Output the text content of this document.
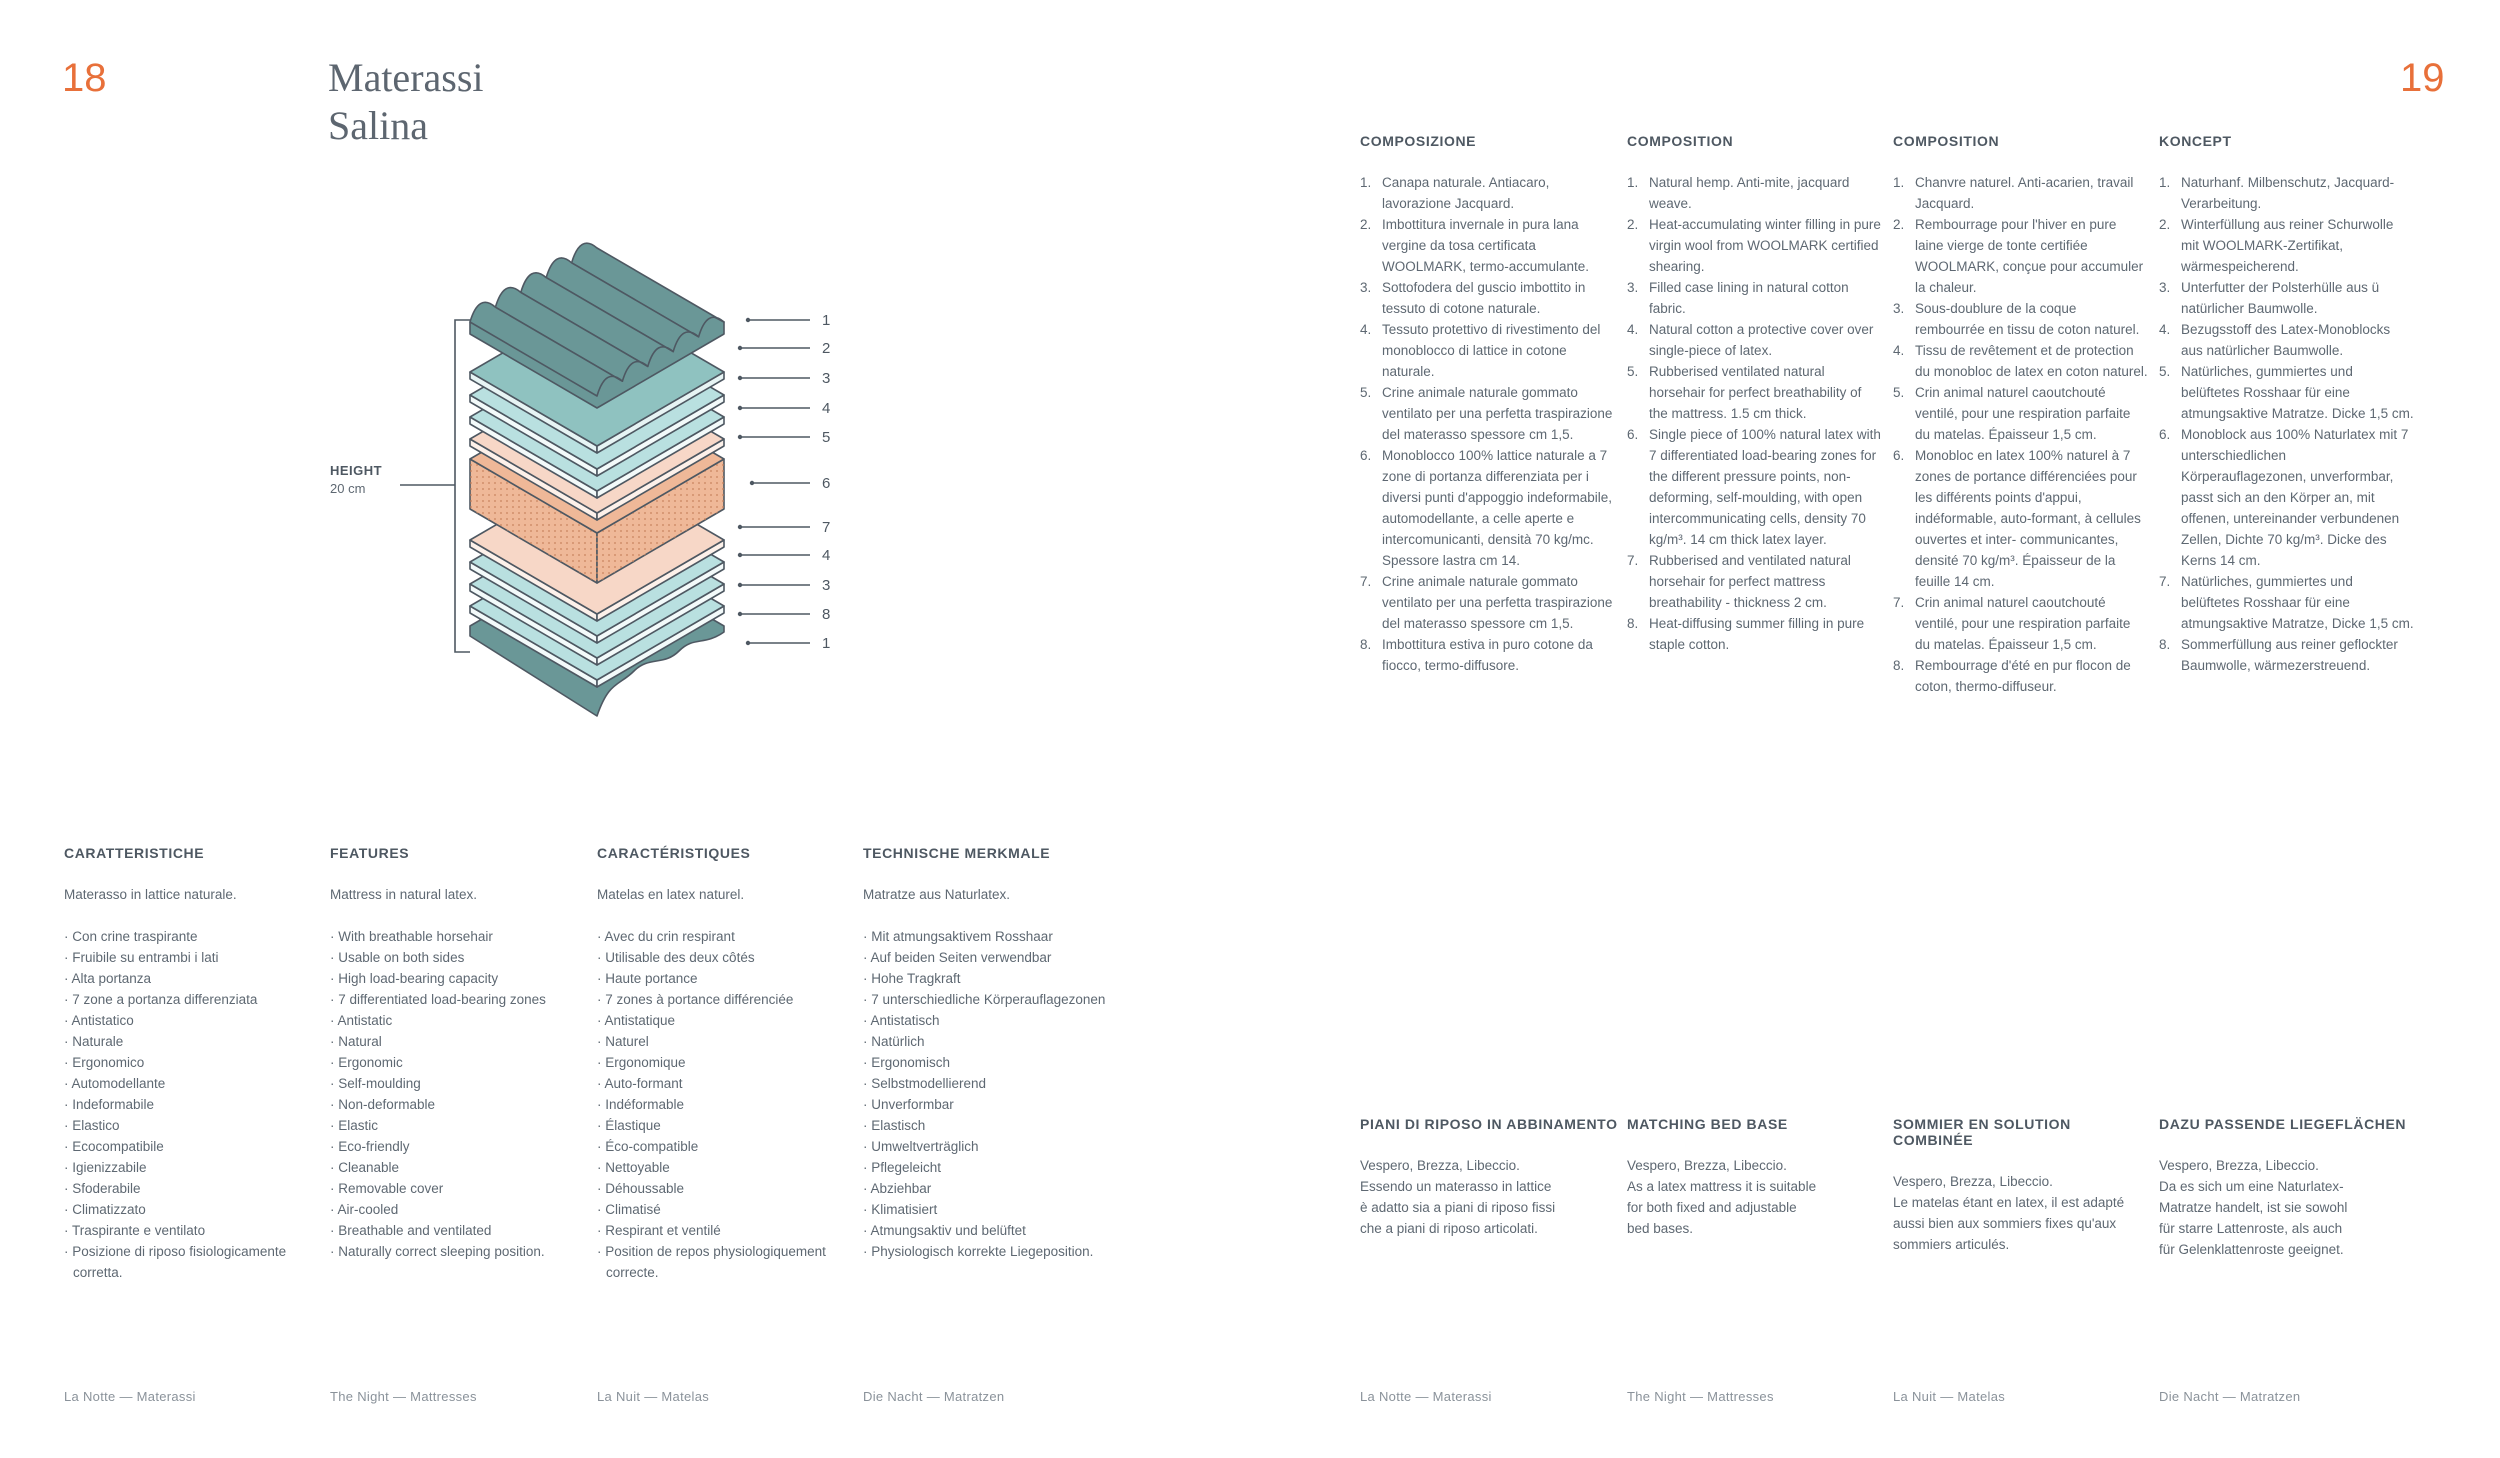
18	19
Materassi
Salina
HEIGHT
20 cm
1
2
3
4
5
6
7
4
3
8
1
COMPOSIZIONE
1. Canapa naturale. Antiacaro, lavorazione Jacquard.
2. Imbottitura invernale in pura lana vergine da tosa certificata WOOLMARK, termo-accumulante.
3. Sottofodera del guscio imbottito in tessuto di cotone naturale.
4. Tessuto protettivo di rivestimento del monoblocco di lattice in cotone naturale.
5. Crine animale naturale gommato ventilato per una perfetta traspirazione del materasso spessore cm 1,5.
6. Monoblocco 100% lattice naturale a 7 zone di portanza differenziata per i diversi punti d'appoggio indeformabile, automodellante, a celle aperte e intercomunicanti, densità 70 kg/mc. Spessore lastra cm 14.
7. Crine animale naturale gommato ventilato per una perfetta traspirazione del materasso spessore cm 1,5.
8. Imbottitura estiva in puro cotone da fiocco, termo-diffusore.
COMPOSITION
1. Natural hemp. Anti-mite, jacquard weave.
2. Heat-accumulating winter filling in pure virgin wool from WOOLMARK certified shearing.
3. Filled case lining in natural cotton fabric.
4. Natural cotton a protective cover over single-piece of latex.
5. Rubberised ventilated natural horsehair for perfect breathability of the mattress. 1.5 cm thick.
6. Single piece of 100% natural latex with 7 differentiated load-bearing zones for the different pressure points, non-deforming, self-moulding, with open intercommunicating cells, density 70 kg/m³. 14 cm thick latex layer.
7. Rubberised and ventilated natural horsehair for perfect mattress breathability - thickness 2 cm.
8. Heat-diffusing summer filling in pure staple cotton.
COMPOSITION
1. Chanvre naturel. Anti-acarien, travail Jacquard.
2. Rembourrage pour l'hiver en pure laine vierge de tonte certifiée WOOLMARK, conçue pour accumuler la chaleur.
3. Sous-doublure de la coque rembourrée en tissu de coton naturel.
4. Tissu de revêtement et de protection du monobloc de latex en coton naturel.
5. Crin animal naturel caoutchouté ventilé, pour une respiration parfaite du matelas. Épaisseur 1,5 cm.
6. Monobloc en latex 100% naturel à 7 zones de portance différenciées pour les différents points d'appui, indéformable, auto-formant, à cellules ouvertes et inter- communicantes, densité 70 kg/m³. Épaisseur de la feuille 14 cm.
7. Crin animal naturel caoutchouté ventilé, pour une respiration parfaite du matelas. Épaisseur 1,5 cm.
8. Rembourrage d'été en pur flocon de coton, thermo-diffuseur.
KONCEPT
1. Naturhanf. Milbenschutz, Jacquard-Verarbeitung.
2. Winterfüllung aus reiner Schurwolle mit WOOLMARK-Zertifikat, wärmespeicherend.
3. Unterfutter der Polsterhülle aus ü natürlicher Baumwolle.
4. Bezugsstoff des Latex-Monoblocks aus natürlicher Baumwolle.
5. Natürliches, gummiertes und belüftetes Rosshaar für eine atmungsaktive Matratze. Dicke 1,5 cm.
6. Monoblock aus 100% Naturlatex mit 7 unterschiedlichen Körperauflagezonen, unverformbar, passt sich an den Körper an, mit offenen, untereinander verbundenen Zellen, Dichte 70 kg/m³. Dicke des Kerns 14 cm.
7. Natürliches, gummiertes und belüftetes Rosshaar für eine atmungsaktive Matratze, Dicke 1,5 cm.
8. Sommerfüllung aus reiner geflockter Baumwolle, wärmezerstreuend.
CARATTERISTICHE
Materasso in lattice naturale.
· Con crine traspirante
· Fruibile su entrambi i lati
· Alta portanza
· 7 zone a portanza differenziata
· Antistatico
· Naturale
· Ergonomico
· Automodellante
· Indeformabile
· Elastico
· Ecocompatibile
· Igienizzabile
· Sfoderabile
· Climatizzato
· Traspirante e ventilato
· Posizione di riposo fisiologicamente corretta.
FEATURES
Mattress in natural latex.
· With breathable horsehair
· Usable on both sides
· High load-bearing capacity
· 7 differentiated load-bearing zones
· Antistatic
· Natural
· Ergonomic
· Self-moulding
· Non-deformable
· Elastic
· Eco-friendly
· Cleanable
· Removable cover
· Air-cooled
· Breathable and ventilated
· Naturally correct sleeping position.
CARACTÉRISTIQUES
Matelas en latex naturel.
· Avec du crin respirant
· Utilisable des deux côtés
· Haute portance
· 7 zones à portance différenciée
· Antistatique
· Naturel
· Ergonomique
· Auto-formant
· Indéformable
· Élastique
· Éco-compatible
· Nettoyable
· Déhoussable
· Climatisé
· Respirant et ventilé
· Position de repos physiologiquement correcte.
TECHNISCHE MERKMALE
Matratze aus Naturlatex.
· Mit atmungsaktivem Rosshaar
· Auf beiden Seiten verwendbar
· Hohe Tragkraft
· 7 unterschiedliche Körperauflagezonen
· Antistatisch
· Natürlich
· Ergonomisch
· Selbstmodellierend
· Unverformbar
· Elastisch
· Umweltverträglich
· Pflegeleicht
· Abziehbar
· Klimatisiert
· Atmungsaktiv und belüftet
· Physiologisch korrekte Liegeposition.
PIANI DI RIPOSO IN ABBINAMENTO
Vespero, Brezza, Libeccio.
Essendo un materasso in lattice
è adatto sia a piani di riposo fissi
che a piani di riposo articolati.
MATCHING BED BASE
Vespero, Brezza, Libeccio.
As a latex mattress it is suitable
for both fixed and adjustable
bed bases.
SOMMIER EN SOLUTION COMBINÉE
Vespero, Brezza, Libeccio.
Le matelas étant en latex, il est adapté
aussi bien aux sommiers fixes qu'aux
sommiers articulés.
DAZU PASSENDE LIEGEFLÄCHEN
Vespero, Brezza, Libeccio.
Da es sich um eine Naturlatex-
Matratze handelt, ist sie sowohl
für starre Lattenroste, als auch
für Gelenklattenroste geeignet.
La Notte — Materassi	The Night — Mattresses	La Nuit — Matelas	Die Nacht — Matratzen	La Notte — Materassi	The Night — Mattresses	La Nuit — Matelas	Die Nacht — Matratzen
